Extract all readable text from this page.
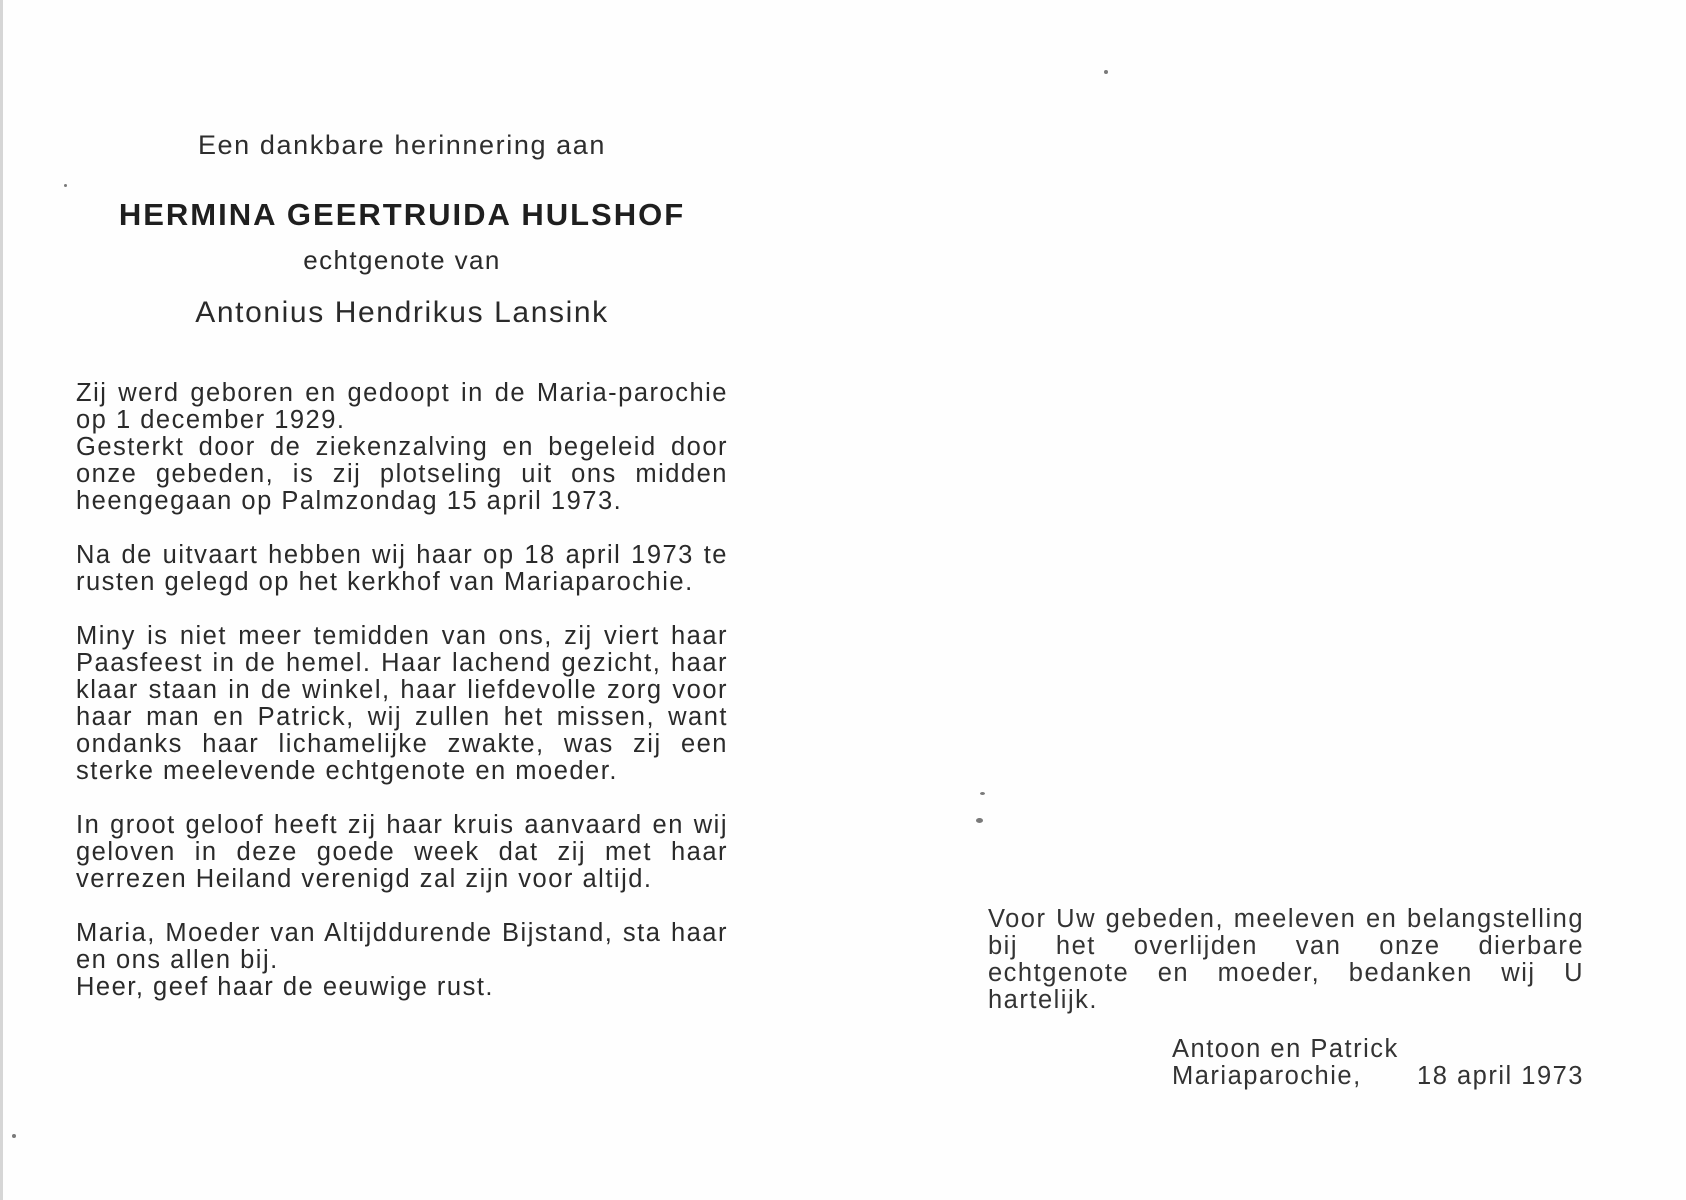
Een dankbare herinnering aan

HERMINA GEERTRUIDA HULSHOF

echtgenote van

Antonius Hendrikus Lansink

Zij werd geboren en gedoopt in de Maria-parochie op 1 december 1929.
Gesterkt door de ziekenzalving en begeleid door onze gebeden, is zij plotseling uit ons midden heengegaan op Palmzondag 15 april 1973.
Na de uitvaart hebben wij haar op 18 april 1973 te rusten gelegd op het kerkhof van Mariaparochie.
Miny is niet meer temidden van ons, zij viert haar Paasfeest in de hemel. Haar lachend gezicht, haar klaar staan in de winkel, haar liefdevolle zorg voor haar man en Patrick, wij zullen het missen, want ondanks haar lichamelijke zwakte, was zij een sterke meelevende echtgenote en moeder.
In groot geloof heeft zij haar kruis aanvaard en wij geloven in deze goede week dat zij met haar verrezen Heiland verenigd zal zijn voor altijd.
Maria, Moeder van Altijddurende Bijstand, sta haar en ons allen bij.
Heer, geef haar de eeuwige rust.

Voor Uw gebeden, meeleven en belangstelling bij het overlijden van onze dierbare echtgenote en moeder, bedanken wij U hartelijk.

Antoon en Patrick
Mariaparochie, 18 april 1973
